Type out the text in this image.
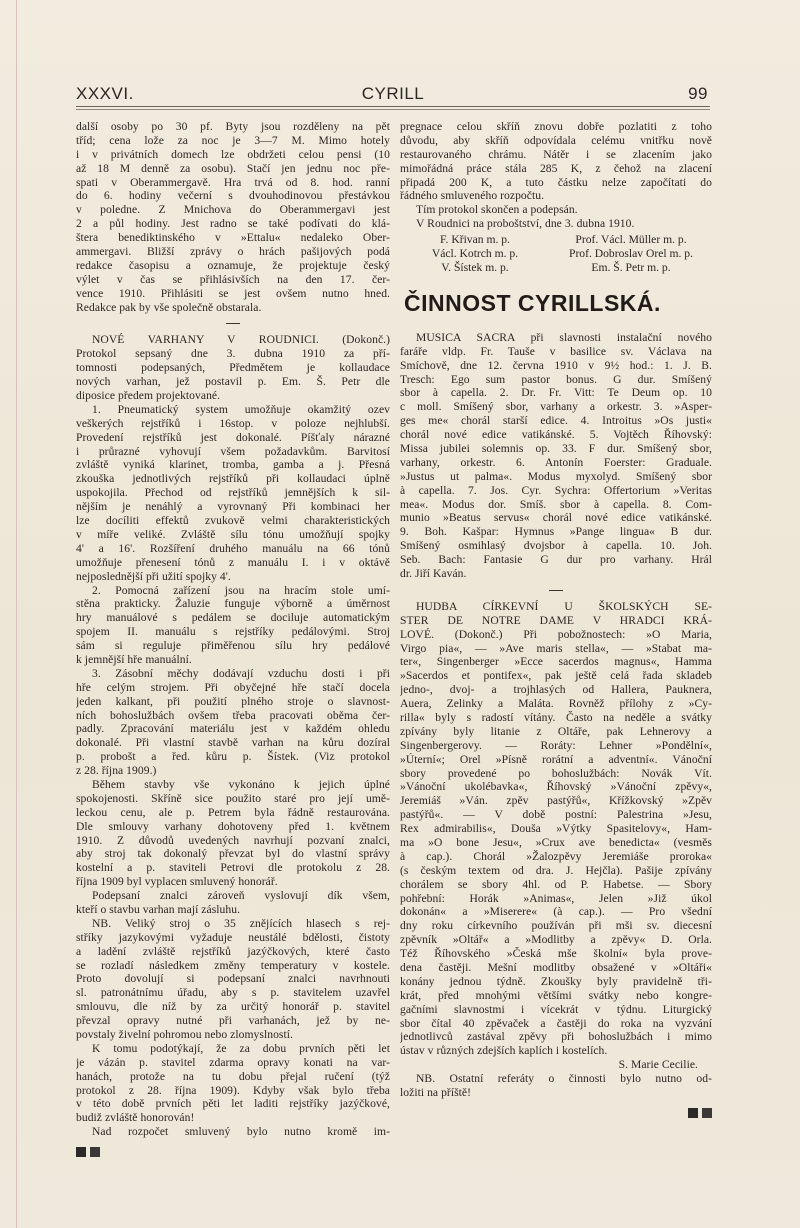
XXXVI.	CYRILL	99
další osoby po 30 pf. Byty jsou rozděleny na pět
tříd; cena lože za noc je 3—7 M. Mimo hotely
i v privátních domech lze obdržeti celou pensi (10
až 18 M denně za osobu). Stačí jen jednu noc pře-
spati v Oberammergavě. Hra trvá od 8. hod. ranní
do 6. hodiny večerní s dvouhodinovou přestávkou
v poledne. Z Mnichova do Oberammergavi jest
2 a půl hodiny. Jest radno se také podívati do klá-
štera benediktinského v »Ettalu« nedaleko Ober-
ammergavi. Bližší zprávy o hrách pašijových podá
redakce časopisu a oznamuje, že projektuje český
výlet v čas se přihlásivších na den 17. čer-
vence 1910. Přihlásiti se jest ovšem nutno hned.
Redakce pak by vše společně obstarala.
NOVÉ VARHANY V ROUDNICI. (Dokonč.)
Protokol sepsaný dne 3. dubna 1910 za pří-
tomnosti podepsaných, Předmětem je kollaudace
nových varhan, jež postavil p. Em. Š. Petr dle
diposice předem projektované.
1. Pneumatický system umožňuje okamžitý ozev
veškerých rejstříků i 16stop. v poloze nejhlubší.
Provedení rejstříků jest dokonalé. Píšťaly nárazné
i průrazné vyhovují všem požadavkům. Barvitosí
zvláště vyniká klarinet, tromba, gamba a j. Přesná
zkouška jednotlivých rejstříků při kollaudaci úplně
uspokojila. Přechod od rejstříků jemnějších k sil-
nějším je nenáhlý a vyrovnaný Při kombinaci her
lze docíliti effektů zvukově velmi charakteristických
v míře veliké. Zvláště sílu tónu umožňují spojky
4' a 16'. Rozšíření druhého manuálu na 66 tónů
umožňuje přenesení tónů z manuálu I. i v oktávě
nejposlednější při užití spojky 4'.
2. Pomocná zařízení jsou na hracím stole umí-
stěna prakticky. Žaluzie funguje výborně a úměrnost
hry manuálové s pedálem se dociluje automatickým
spojem II. manuálu s rejstříky pedálovými. Stroj
sám si reguluje přiměřenou sílu hry pedálové
k jemnější hře manuální.
3. Zásobní měchy dodávají vzduchu dosti i při
hře celým strojem. Při obyčejné hře stačí docela
jeden kalkant, při použití plného stroje o slavnost-
ních bohoslužbách ovšem třeba pracovati oběma čer-
padly. Zpracování materiálu jest v každém ohledu
dokonalé. Při vlastní stavbě varhan na kůru dozíral
p. probošt a řed. kůru p. Šístek. (Viz protokol
z 28. října 1909.)
Během stavby vše vykonáno k jejich úplné
spokojenosti. Skříně sice použito staré pro její umě-
leckou cenu, ale p. Petrem byla řádně restaurována.
Dle smlouvy varhany dohotoveny před 1. květnem
1910. Z důvodů uvedených navrhují pozvaní znalci,
aby stroj tak dokonalý převzat byl do vlastní správy
kostelní a p. staviteli Petrovi dle protokolu z 28.
října 1909 byl vyplacen smluvený honorář.
Podepsaní znalci zároveň vyslovují dík všem,
kteří o stavbu varhan mají zásluhu.
NB. Veliký stroj o 35 znějících hlasech s rej-
stříky jazykovými vyžaduje neustálé bdělosti, čistoty
a ladění zvláště rejstříků jazýčkových, které často
se rozladí následkem změny temperatury v kostele.
Proto dovolují si podepsaní znalci navrhnouti
sl. patronátnímu úřadu, aby s p. stavitelem uzavřel
smlouvu, dle níž by za určitý honorář p. stavitel
převzal opravy nutné při varhanách, jež by ne-
povstaly živelní pohromou nebo zlomyslností.
K tomu podotýkají, že za dobu prvních pěti let
je vázán p. stavitel zdarma opravy konati na var-
hanách, protože na tu dobu přejal ručení (týž
protokol z 28. října 1909). Kdyby však bylo třeba
v této době prvních pěti let laditi rejstříky jazýčkové,
budiž zvláště honorován!
Nad rozpočet smluvený bylo nutno kromě im-
pregnace celou skříň znovu dobře pozlatiti z toho
důvodu, aby skříň odpovídala celému vnitřku nově
restaurovaného chrámu. Nátěr i se zlacením jako
mimořádná práce stála 285 K, z čehož na zlacení
připadá 200 K, a tuto částku nelze započítati do
řádného smluveného rozpočtu.
Tím protokol skončen a podepsán.
V Roudnici na proboštství, dne 3. dubna 1910.
F. Křivan m. p.	Prof. Václ. Müller m. p.
Václ. Kotrch m. p.	Prof. Dobroslav Orel m. p.
V. Šístek m. p.	Em. Š. Petr m. p.
ČINNOST CYRILLSKÁ.
MUSICA SACRA při slavnosti instalační nového
faráře vldp. Fr. Tauše v basilice sv. Václava na
Smíchově, dne 12. června 1910 v 9½ hod.: 1. J. B.
Tresch: Ego sum pastor bonus. G dur. Smíšený
sbor à capella. 2. Dr. Fr. Vitt: Te Deum op. 10
c moll. Smíšený sbor, varhany a orkestr. 3. »Asper-
ges me« chorál starší edice. 4. Introitus »Os justi«
chorál nové edice vatikánské. 5. Vojtěch Říhovský:
Missa jubilei solemnis op. 33. F dur. Smíšený sbor,
varhany, orkestr. 6. Antonín Foerster: Graduale.
»Justus ut palma«. Modus myxolyd. Smíšený sbor
à capella. 7. Jos. Cyr. Sychra: Offertorium »Veritas
mea«. Modus dor. Smíš. sbor à capella. 8. Com-
munio »Beatus servus« chorál nové edice vatikánské.
9. Boh. Kašpar: Hymnus »Pange lingua« B dur.
Smíšený osmihlasý dvojsbor à capella. 10. Joh.
Seb. Bach: Fantasie G dur pro varhany. Hrál
dr. Jiří Kaván.
HUDBA CÍRKEVNÍ U ŠKOLSKÝCH SE-
STER DE NOTRE DAME V HRADCI KRÁ-
LOVÉ. (Dokonč.) Při pobožnostech: »O Maria,
Virgo pia«, — »Ave maris stella«, — »Stabat ma-
ter«, Singenberger »Ecce sacerdos magnus«, Hamma
»Sacerdos et pontifex«, pak ještě celá řada skladeb
jedno-, dvoj- a trojhlasých od Hallera, Pauknera,
Auera, Zelinky a Maláta. Rovněž přílohy z »Cy-
rilla« byly s radostí vítány. Často na neděle a svátky
zpívány byly litanie z Oltáře, pak Lehnerovy a
Singenbergerovy. — Roráty: Lehner »Pondělní«,
»Úterní«; Orel »Písně rorátní a adventní«. Vánoční
sbory provedené po bohoslužbách: Novák Vít.
»Vánoční ukolébavka«, Říhovský »Vánoční zpěvy«,
Jeremiáš »Ván. zpěv pastýřů«, Křížkovský »Zpěv
pastýřů«. — V době postní: Palestrina »Jesu,
Rex admirabilis«, Douša »Výtky Spasitelovy«, Ham-
ma »O bone Jesu«, »Crux ave benedicta« (vesměs
à cap.). Chorál »Žalozpěvy Jeremiáše proroka«
(s českým textem od dra. J. Hejčla). Pašije zpívány
chorálem se sbory 4hl. od P. Habetse. — Sbory
pohřební: Horák »Animas«, Jelen »Již úkol
dokonán« a »Miserere« (à cap.). — Pro všední
dny roku církevního používán při mši sv. diecesní
zpěvník »Oltář« a »Modlitby a zpěvy« D. Orla.
Též Říhovského »Česká mše školní« byla prove-
dena častěji. Mešní modlitby obsažené v »Oltáři«
konány jednou týdně. Zkoušky byly pravidelně tři-
krát, před mnohými většími svátky nebo kongre-
gačními slavnostmi i vícekrát v týdnu. Liturgický
sbor čítal 40 zpěvaček a častěji do roka na vyzvání
jednotlivců zastával zpěvy při bohoslužbách i mimo
ústav v různých zdejších kaplích i kostelích.
S. Marie Cecilie.
NB. Ostatní referáty o činnosti bylo nutno od-
ložiti na příště!
